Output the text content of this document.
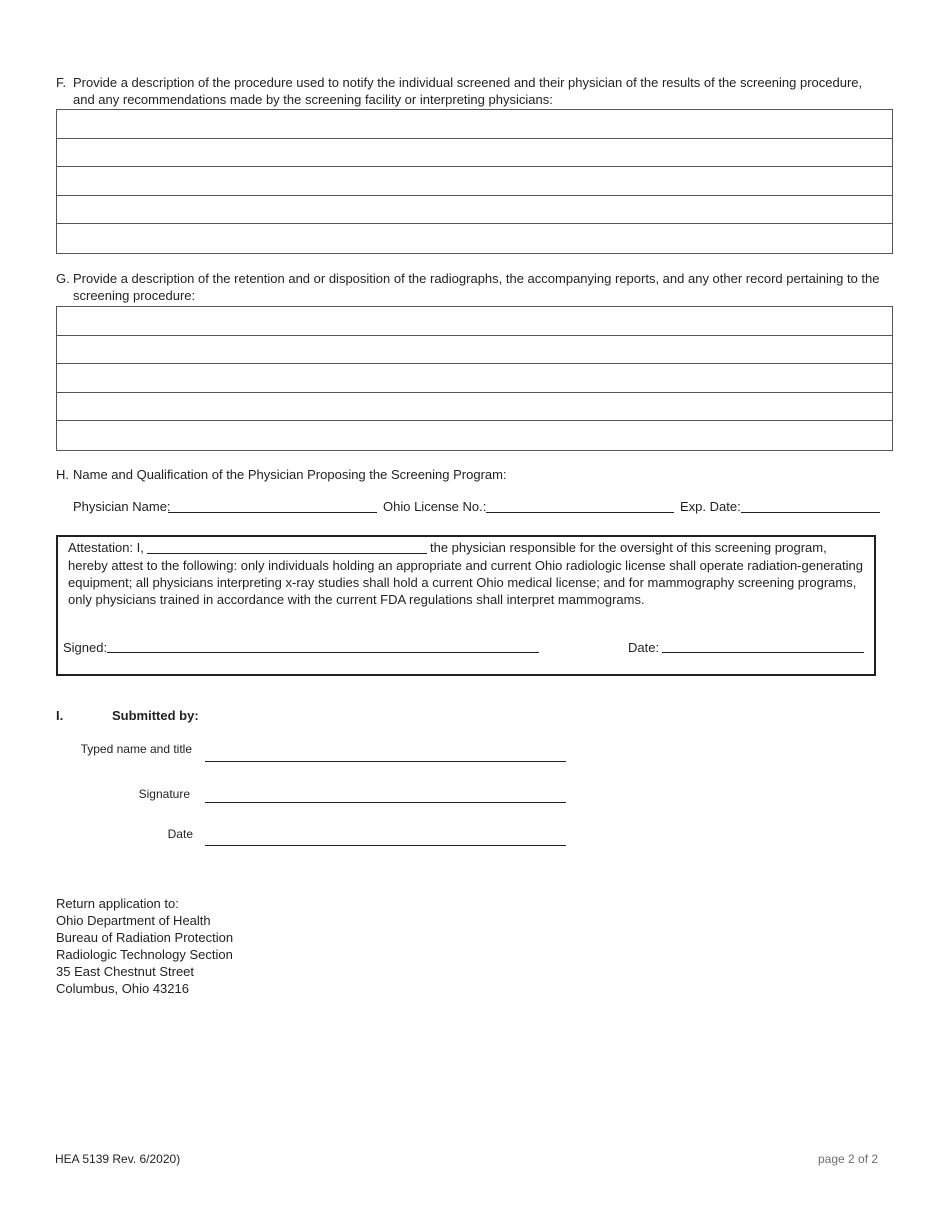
F. Provide a description of the procedure used to notify the individual screened and their physician of the results of the screening procedure, and any recommendations made by the screening facility or interpreting physicians:
G. Provide a description of the retention and or disposition of the radiographs, the accompanying reports, and any other record pertaining to the screening procedure:
H. Name and Qualification of the Physician Proposing the Screening Program:
Physician Name:	Ohio License No.:	Exp. Date:
Attestation: I,	the physician responsible for the oversight of this screening program,
hereby attest to the following: only individuals holding an appropriate and current Ohio radiologic license shall operate radiation-generating equipment; all physicians interpreting x-ray studies shall hold a current Ohio medical license; and for mammography screening programs, only physicians trained in accordance with the current FDA regulations shall interpret mammograms.
Signed:	Date:
I.	Submitted by:
Typed name and title
Signature
Date
Return application to:
Ohio Department of Health
Bureau of Radiation Protection
Radiologic Technology Section
35 East Chestnut Street
Columbus, Ohio 43216
HEA 5139 Rev. 6/2020)	page 2 of 2
